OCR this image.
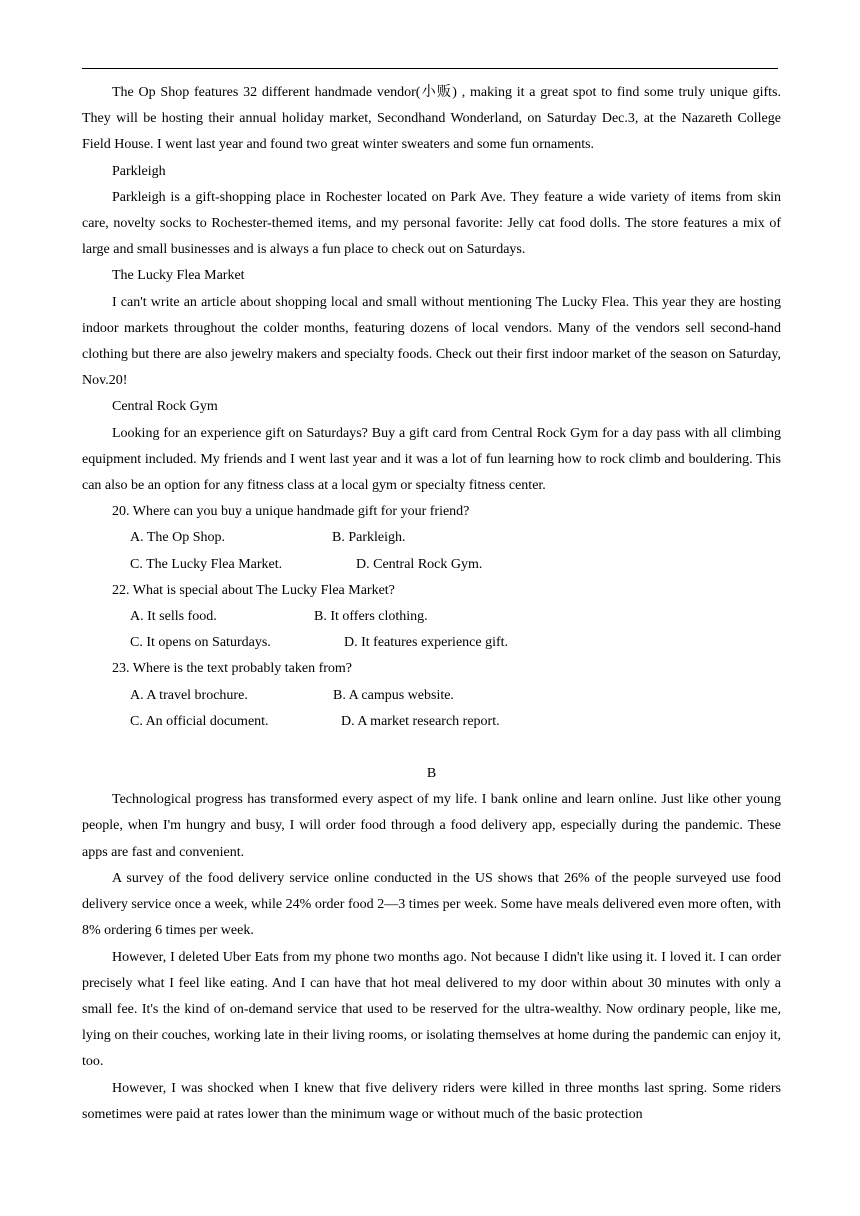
The Op Shop features 32 different handmade vendor(小贩) , making it a great spot to find some truly unique gifts. They will be hosting their annual holiday market, Secondhand Wonderland, on Saturday Dec.3, at the Nazareth College Field House. I went last year and found two great winter sweaters and some fun ornaments.

Parkleigh

Parkleigh is a gift-shopping place in Rochester located on Park Ave. They feature a wide variety of items from skin care, novelty socks to Rochester-themed items, and my personal favorite: Jelly cat food dolls. The store features a mix of large and small businesses and is always a fun place to check out on Saturdays.

The Lucky Flea Market

I can't write an article about shopping local and small without mentioning The Lucky Flea. This year they are hosting indoor markets throughout the colder months, featuring dozens of local vendors. Many of the vendors sell second-hand clothing but there are also jewelry makers and specialty foods. Check out their first indoor market of the season on Saturday, Nov.20!

Central Rock Gym

Looking for an experience gift on Saturdays? Buy a gift card from Central Rock Gym for a day pass with all climbing equipment included. My friends and I went last year and it was a lot of fun learning how to rock climb and bouldering. This can also be an option for any fitness class at a local gym or specialty fitness center.

20. Where can you buy a unique handmade gift for your friend?

A. The Op Shop.	B. Parkleigh.

C. The Lucky Flea Market.	D. Central Rock Gym.

22. What is special about The Lucky Flea Market?

A. It sells food.	B. It offers clothing.

C. It opens on Saturdays.	D. It features experience gift.

23. Where is the text probably taken from?

A. A travel brochure.	B. A campus website.

C. An official document.	D. A market research report.

B

Technological progress has transformed every aspect of my life. I bank online and learn online. Just like other young people, when I'm hungry and busy, I will order food through a food delivery app, especially during the pandemic. These apps are fast and convenient.

A survey of the food delivery service online conducted in the US shows that 26% of the people surveyed use food delivery service once a week, while 24% order food 2—3 times per week. Some have meals delivered even more often, with 8% ordering 6 times per week.

However, I deleted Uber Eats from my phone two months ago. Not because I didn't like using it. I loved it. I can order precisely what I feel like eating. And I can have that hot meal delivered to my door within about 30 minutes with only a small fee. It's the kind of on-demand service that used to be reserved for the ultra-wealthy. Now ordinary people, like me, lying on their couches, working late in their living rooms, or isolating themselves at home during the pandemic can enjoy it, too.

However, I was shocked when I knew that five delivery riders were killed in three months last spring. Some riders sometimes were paid at rates lower than the minimum wage or without much of the basic protection
